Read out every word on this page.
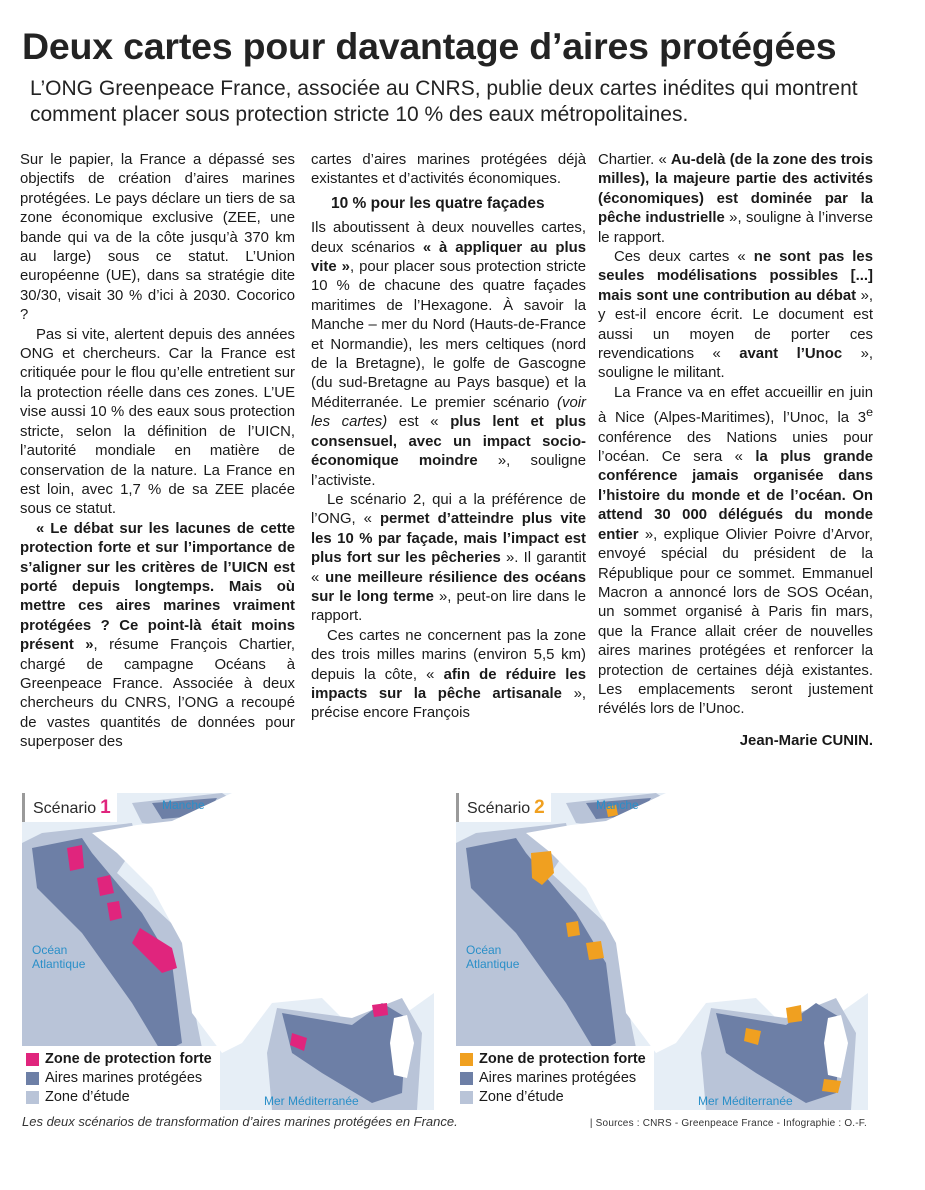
Deux cartes pour davantage d’aires protégées

L’ONG Greenpeace France, associée au CNRS, publie deux cartes inédites qui montrent comment placer sous protection stricte 10 % des eaux métropolitaines.

Sur le papier, la France a dépassé ses objectifs de création d’aires marines protégées. Le pays déclare un tiers de sa zone économique exclusive (ZEE, une bande qui va de la côte jusqu’à 370 km au large) sous ce statut. L’Union européenne (UE), dans sa stratégie dite 30/30, visait 30 % d’ici à 2030. Cocorico ?

Pas si vite, alertent depuis des années ONG et chercheurs. Car la France est critiquée pour le flou qu’elle entretient sur la protection réelle dans ces zones. L’UE vise aussi 10 % des eaux sous protection stricte, selon la définition de l’UICN, l’autorité mondiale en matière de conservation de la nature. La France en est loin, avec 1,7 % de sa ZEE placée sous ce statut.

« Le débat sur les lacunes de cette protection forte et sur l’importance de s’aligner sur les critères de l’UICN est porté depuis longtemps. Mais où mettre ces aires marines vraiment protégées ? Ce point-là était moins présent », résume François Chartier, chargé de campagne Océans à Greenpeace France. Associée à deux chercheurs du CNRS, l’ONG a recoupé de vastes quantités de données pour superposer des

cartes d’aires marines protégées déjà existantes et d’activités économiques.

10 % pour les quatre façades

Ils aboutissent à deux nouvelles cartes, deux scénarios « à appliquer au plus vite », pour placer sous protection stricte 10 % de chacune des quatre façades maritimes de l’Hexagone. À savoir la Manche – mer du Nord (Hauts-de-France et Normandie), les mers celtiques (nord de la Bretagne), le golfe de Gascogne (du sud-Bretagne au Pays basque) et la Méditerranée. Le premier scénario (voir les cartes) est « plus lent et plus consensuel, avec un impact socio-économique moindre », souligne l’activiste.

Le scénario 2, qui a la préférence de l’ONG, « permet d’atteindre plus vite les 10 % par façade, mais l’impact est plus fort sur les pêcheries ». Il garantit « une meilleure résilience des océans sur le long terme », peut-on lire dans le rapport.

Ces cartes ne concernent pas la zone des trois milles marins (environ 5,5 km) depuis la côte, « afin de réduire les impacts sur la pêche artisanale », précise encore François

Chartier. « Au-delà (de la zone des trois milles), la majeure partie des activités (économiques) est dominée par la pêche industrielle », souligne à l’inverse le rapport.

Ces deux cartes « ne sont pas les seules modélisations possibles [...] mais sont une contribution au débat », y est-il encore écrit. Le document est aussi un moyen de porter ces revendications « avant l’Unoc », souligne le militant.

La France va en effet accueillir en juin à Nice (Alpes-Maritimes), l’Unoc, la 3e conférence des Nations unies pour l’océan. Ce sera « la plus grande conférence jamais organisée dans l’histoire du monde et de l’océan. On attend 30 000 délégués du monde entier », explique Olivier Poivre d’Arvor, envoyé spécial du président de la République pour ce sommet. Emmanuel Macron a annoncé lors de SOS Océan, un sommet organisé à Paris fin mars, que la France allait créer de nouvelles aires marines protégées et renforcer la protection de certaines déjà existantes. Les emplacements seront justement révélés lors de l’Unoc.

Jean-Marie CUNIN.

Scénario 1	Manche
Océan
Atlantique
Mer Méditerranée
Zone de protection forte
Aires marines protégées
Zone d’étude
Scénario 2	Manche
Océan
Atlantique
Mer Méditerranée
Zone de protection forte
Aires marines protégées
Zone d’étude
Les deux scénarios de transformation d’aires marines protégées en France.	| Sources : CNRS - Greenpeace France - Infographie : O.-F.
